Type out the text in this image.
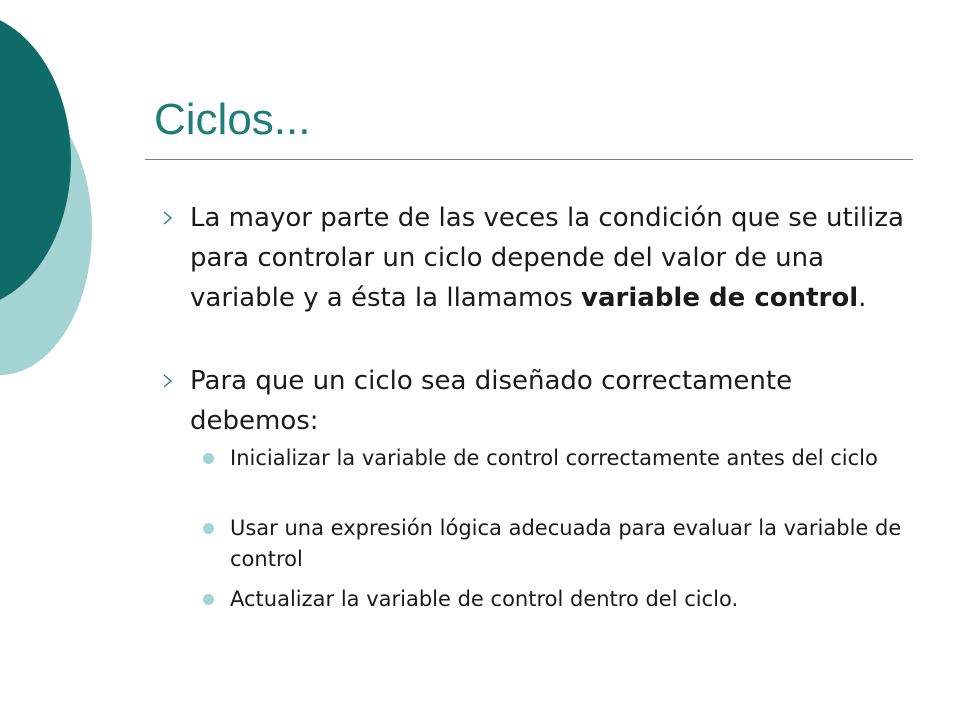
Ciclos...
La mayor parte de las veces la condición que se utiliza para controlar un ciclo depende del valor de una variable y a ésta la llamamos variable de control.
Para que un ciclo sea diseñado correctamente debemos:
Inicializar la variable de control correctamente antes del ciclo
Usar una expresión lógica adecuada para evaluar la variable de control
Actualizar la variable de control dentro del ciclo.
